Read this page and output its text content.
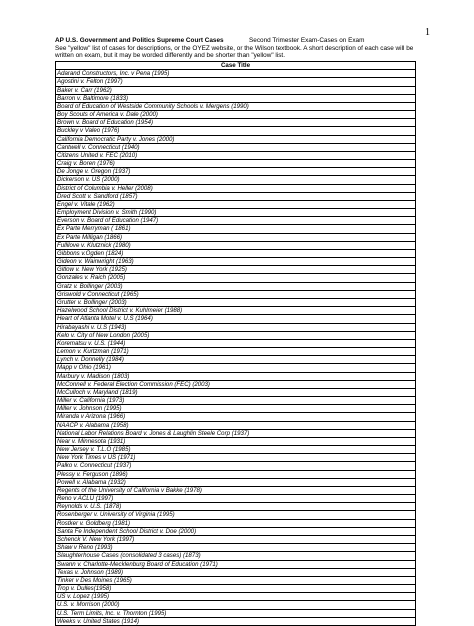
1
AP U.S. Government and Politics Supreme Court Cases	Second Trimester Exam-Cases on Exam
See "yellow" list of cases for descriptions, or the OYEZ website, or the Wilson textbook. A short description of each case will be written on exam, but it may be worded differently and be shorter than "yellow" list.
Case Title
Adarand Constructors, Inc. v Pena (1995)
Agostini v. Felton (1997)
Baker v. Carr (1962)
Barron v. Baltimore (1833)
Board of Education of Westside Community Schools v. Mergens (1990)
Boy Scouts of America v. Dale (2000)
Brown v. Board of Education (1954)
Buckley v Valeo (1976)
California Democratic Party v. Jones (2000)
Cantwell v. Connecticut (1940)
Citizens United v. FEC (2010)
Craig v. Boren (1976)
De Jonge v. Oregon (1937)
Dickerson v. US (2000)
District of Columbia v. Heller (2008)
Dred Scott v. Sandford (1857)
Engel v. Vitale (1962)
Employment Division v. Smith (1990)
Everson v. Board of Education (1947)
Ex Parte Merryman ( 1861)
Ex Parte Milligan (1866)
Fullilove v. Klutznick (1980)
Gibbons v.Ogden (1824)
Gideon v. Wainwright (1963)
Gitlow v. New York (1925)
Gonzales v. Raich (2005)
Gratz v. Bollinger (2003)
Griswold v Connecticut (1965)
Grutter v. Bollinger (2003)
Hazelwood School District v. Kuhlmeier (1988)
Heart of Atlanta Motel v. U.S (1964)
Hirabayashi v. U.S (1943)
Kelo v. City of New London (2005)
Korematsu v. U.S. (1944)
Lemon v. Kurtzman (1971)
Lynch v. Donnelly (1984)
Mapp v Ohio (1961)
Marbury v. Madison (1803)
McConnell v. Federal Election Commission (FEC) (2003)
McCulloch v. Maryland (1819)
Miller v. California (1973)
Miller v. Johnson (1995)
Miranda v Arizona (1966)
NAACP v. Alabama (1958)
National Labor Relations Board v. Jones & Laughlin Steele Corp (1937)
Near v. Minnesota (1931)
New Jersey v. T.L.O (1985)
New York Times v US (1971)
Palko v. Connecticut (1937)
Plessy v. Ferguson (1896)
Powell v. Alabama (1932)
Regents of the University of California v Bakke (1978)
Reno v ACLU (1997)
Reynolds v. U.S. (1878)
Rosenberger v. University of Virginia (1995)
Rostker v. Goldberg (1981)
Santa Fe Independent School District v. Doe (2000)
Schenck V. New York (1997)
Shaw v Reno (1993)
Slaughterhouse Cases (consolidated 3 cases) (1873)
Swann v. Charlotte-Mecklenburg Board of Education (1971)
Texas v. Johnson (1989)
Tinker v Des Moines (1965)
Trop v. Dulles(1958)
US v. Lopez (1995)
U.S. v. Morrison (2000)
U.S. Term Limits, Inc. v. Thornton (1995)
Weeks v. United States (1914)
